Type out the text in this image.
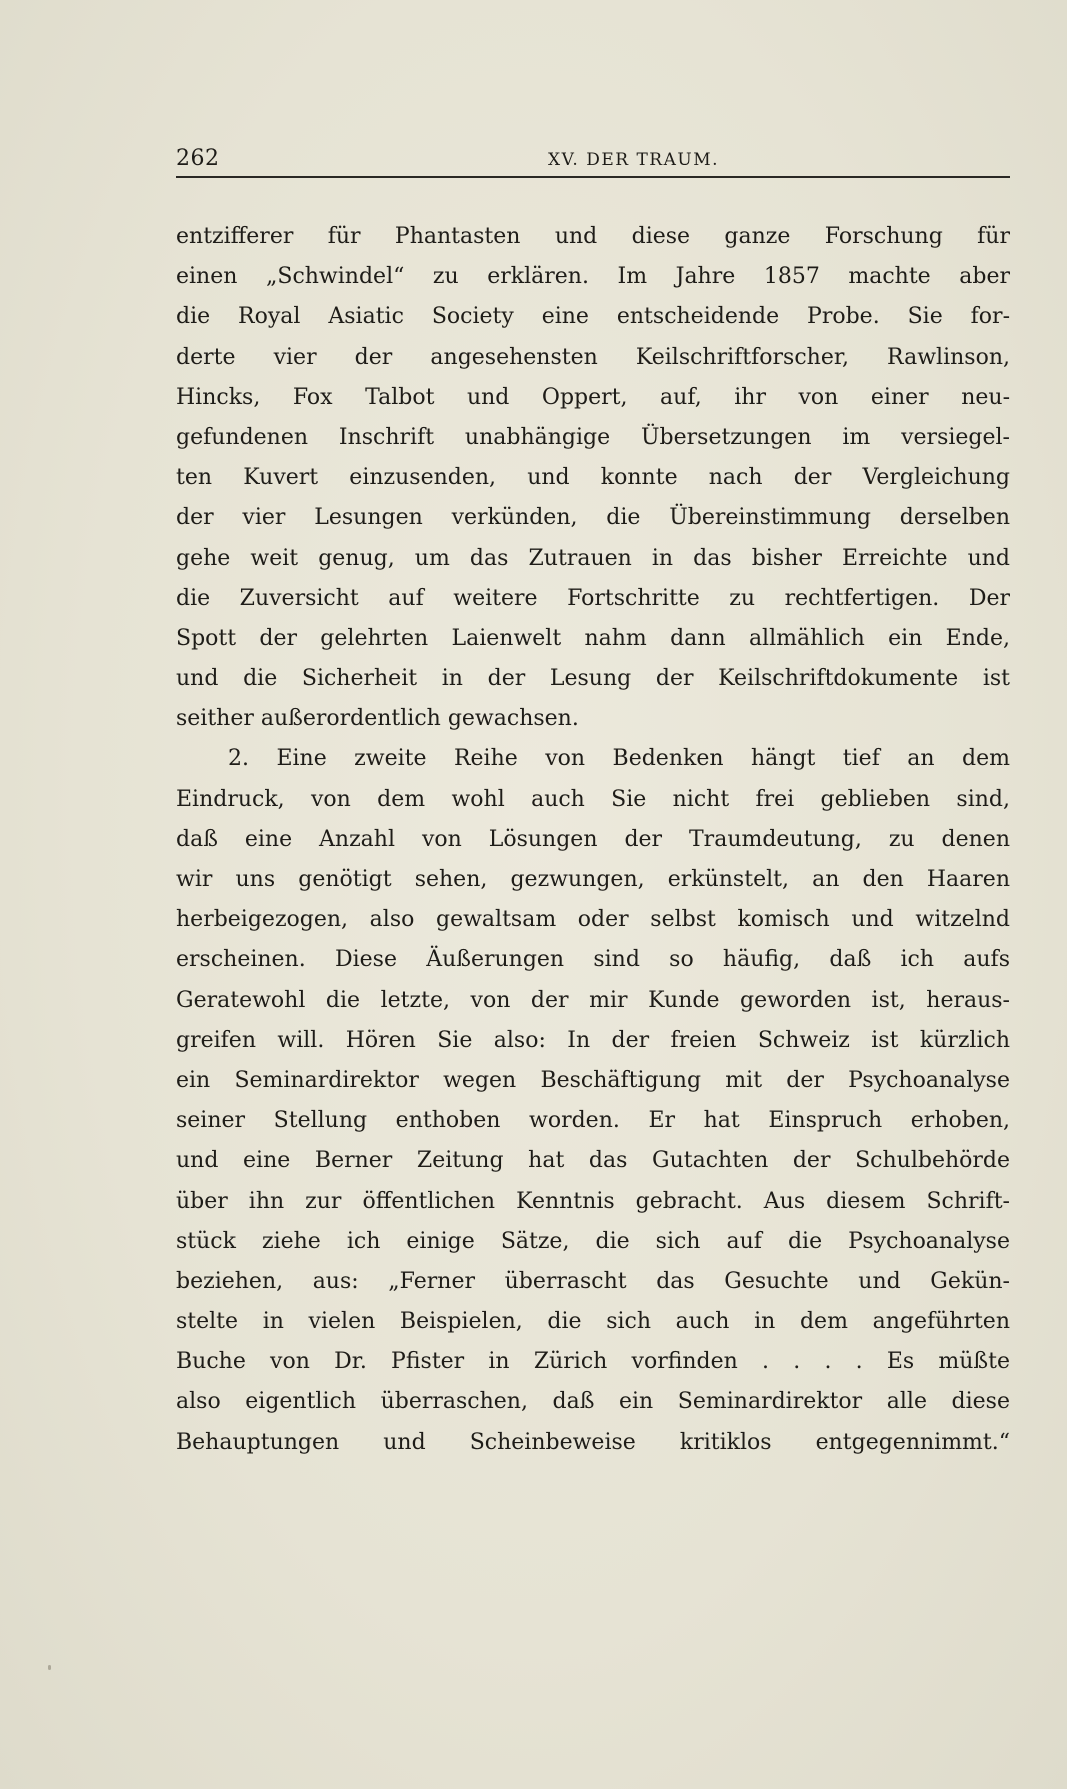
262	XV. DER TRAUM.
entzifferer für Phantasten und diese ganze Forschung für
einen „Schwindel“ zu erklären. Im Jahre 1857 machte aber
die Royal Asiatic Society eine entscheidende Probe. Sie for-
derte vier der angesehensten Keilschriftforscher, Rawlinson,
Hincks, Fox Talbot und Oppert, auf, ihr von einer neu-
gefundenen Inschrift unabhängige Übersetzungen im versiegel-
ten Kuvert einzusenden, und konnte nach der Vergleichung
der vier Lesungen verkünden, die Übereinstimmung derselben
gehe weit genug, um das Zutrauen in das bisher Erreichte und
die Zuversicht auf weitere Fortschritte zu rechtfertigen. Der
Spott der gelehrten Laienwelt nahm dann allmählich ein Ende,
und die Sicherheit in der Lesung der Keilschriftdokumente ist
seither außerordentlich gewachsen.
2. Eine zweite Reihe von Bedenken hängt tief an dem
Eindruck, von dem wohl auch Sie nicht frei geblieben sind,
daß eine Anzahl von Lösungen der Traumdeutung, zu denen
wir uns genötigt sehen, gezwungen, erkünstelt, an den Haaren
herbeigezogen, also gewaltsam oder selbst komisch und witzelnd
erscheinen. Diese Äußerungen sind so häufig, daß ich aufs
Geratewohl die letzte, von der mir Kunde geworden ist, heraus-
greifen will. Hören Sie also: In der freien Schweiz ist kürzlich
ein Seminardirektor wegen Beschäftigung mit der Psychoanalyse
seiner Stellung enthoben worden. Er hat Einspruch erhoben,
und eine Berner Zeitung hat das Gutachten der Schulbehörde
über ihn zur öffentlichen Kenntnis gebracht. Aus diesem Schrift-
stück ziehe ich einige Sätze, die sich auf die Psychoanalyse
beziehen, aus: „Ferner überrascht das Gesuchte und Gekün-
stelte in vielen Beispielen, die sich auch in dem angeführten
Buche von Dr. Pfister in Zürich vorfinden . . . . Es müßte
also eigentlich überraschen, daß ein Seminardirektor alle diese
Behauptungen und Scheinbeweise kritiklos entgegennimmt.“
